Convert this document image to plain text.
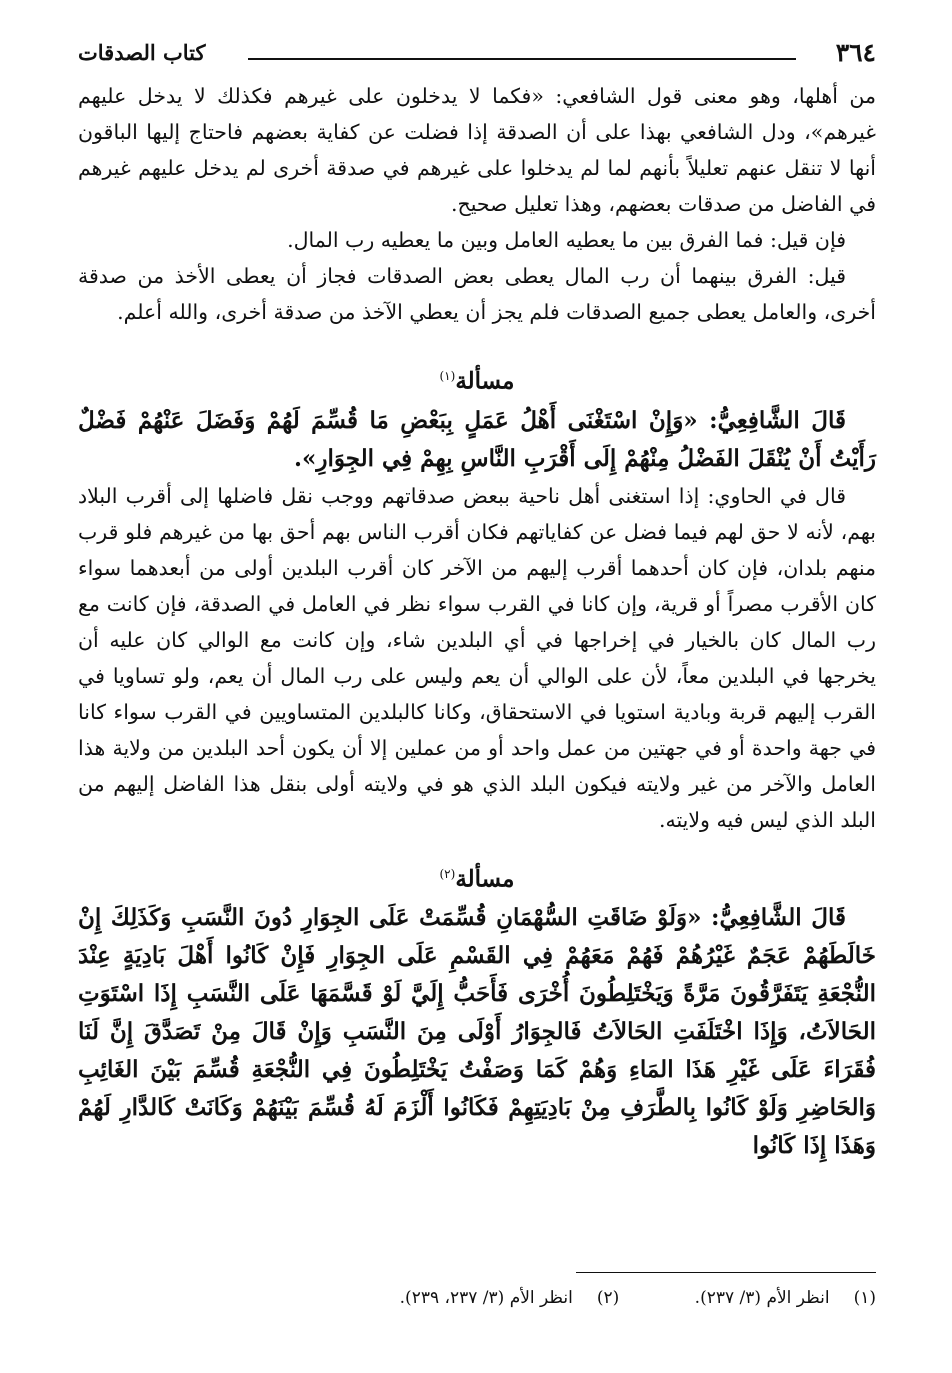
٣٦٤
كتاب الصدقات

من أهلها، وهو معنى قول الشافعي: «فكما لا يدخلون على غيرهم فكذلك لا يدخل عليهم غيرهم»، ودل الشافعي بهذا على أن الصدقة إذا فضلت عن كفاية بعضهم فاحتاج إليها الباقون أنها لا تنقل عنهم تعليلاً بأنهم لما لم يدخلوا على غيرهم في صدقة أخرى لم يدخل عليهم غيرهم في الفاضل من صدقات بعضهم، وهذا تعليل صحيح.

فإن قيل: فما الفرق بين ما يعطيه العامل وبين ما يعطيه رب المال.

قيل: الفرق بينهما أن رب المال يعطى بعض الصدقات فجاز أن يعطى الأخذ من صدقة أخرى، والعامل يعطى جميع الصدقات فلم يجز أن يعطي الآخذ من صدقة أخرى، والله أعلم.

مسألة$^{(١)}$

قَالَ الشَّافِعِيُّ: «وَإِنْ اسْتَغْنَى أَهْلُ عَمَلٍ بِبَعْضِ مَا قُسِّمَ لَهُمْ وَفَضَلَ عَنْهُمْ فَضْلٌ رَأَيْتُ أَنْ يُنْقَلَ الفَضْلُ مِنْهُمْ إِلَى أَقْرَبِ النَّاسِ بِهِمْ فِي الجِوَارِ».

قال في الحاوي: إذا استغنى أهل ناحية ببعض صدقاتهم ووجب نقل فاضلها إلى أقرب البلاد بهم، لأنه لا حق لهم فيما فضل عن كفاياتهم فكان أقرب الناس بهم أحق بها من غيرهم فلو قرب منهم بلدان، فإن كان أحدهما أقرب إليهم من الآخر كان أقرب البلدين أولى من أبعدهما سواء كان الأقرب مصراً أو قرية، وإن كانا في القرب سواء نظر في العامل في الصدقة، فإن كانت مع رب المال كان بالخيار في إخراجها في أي البلدين شاء، وإن كانت مع الوالي كان عليه أن يخرجها في البلدين معاً، لأن على الوالي أن يعم وليس على رب المال أن يعم، ولو تساويا في القرب إليهم قربة وبادية استويا في الاستحقاق، وكانا كالبلدين المتساويين في القرب سواء كانا في جهة واحدة أو في جهتين من عمل واحد أو من عملين إلا أن يكون أحد البلدين من ولاية هذا العامل والآخر من غير ولايته فيكون البلد الذي هو في ولايته أولى بنقل هذا الفاضل إليهم من البلد الذي ليس فيه ولايته.

مسألة$^{(٢)}$

قَالَ الشَّافِعِيُّ: «وَلَوْ ضَاقَتِ السُّهْمَانِ قُسِّمَتْ عَلَى الجِوَارِ دُونَ النَّسَبِ وَكَذَلِكَ إِنْ خَالَطَهُمْ عَجَمٌ غَيْرُهُمْ فَهُمْ مَعَهُمْ فِي القَسْمِ عَلَى الجِوَارِ فَإِنْ كَانُوا أَهْلَ بَادِيَةٍ عِنْدَ النُّجْعَةِ يَتَفَرَّقُونَ مَرَّةً وَيَخْتَلِطُونَ أُخْرَى فَأَحَبُّ إِلَيَّ لَوْ قَسَّمَهَا عَلَى النَّسَبِ إِذَا اسْتَوَتِ الحَالاَتُ، وَإِذَا اخْتَلَفَتِ الحَالاَتُ فَالجِوَارُ أَوْلَى مِنَ النَّسَبِ وَإِنْ قَالَ مِنْ تَصَدَّقَ إِنَّ لَنَا فُقَرَاءَ عَلَى غَيْرِ هَذَا المَاءِ وَهُمْ كَمَا وَصَفْتُ يَخْتَلِطُونَ فِي النُّجْعَةِ قُسِّمَ بَيْنَ الغَائِبِ وَالحَاضِرِ وَلَوْ كَانُوا بِالطَّرَفِ مِنْ بَادِيَتِهِمْ فَكَانُوا أَلْزَمَ لَهُ قُسِّمَ بَيْنَهُمْ وَكَانَتْ كَالدَّارِ لَهُمْ وَهَذَا إِذَا كَانُوا

(١)انظر الأم (٣/ ٢٣٧). (٢)انظر الأم (٣/ ٢٣٧، ٢٣٩).
